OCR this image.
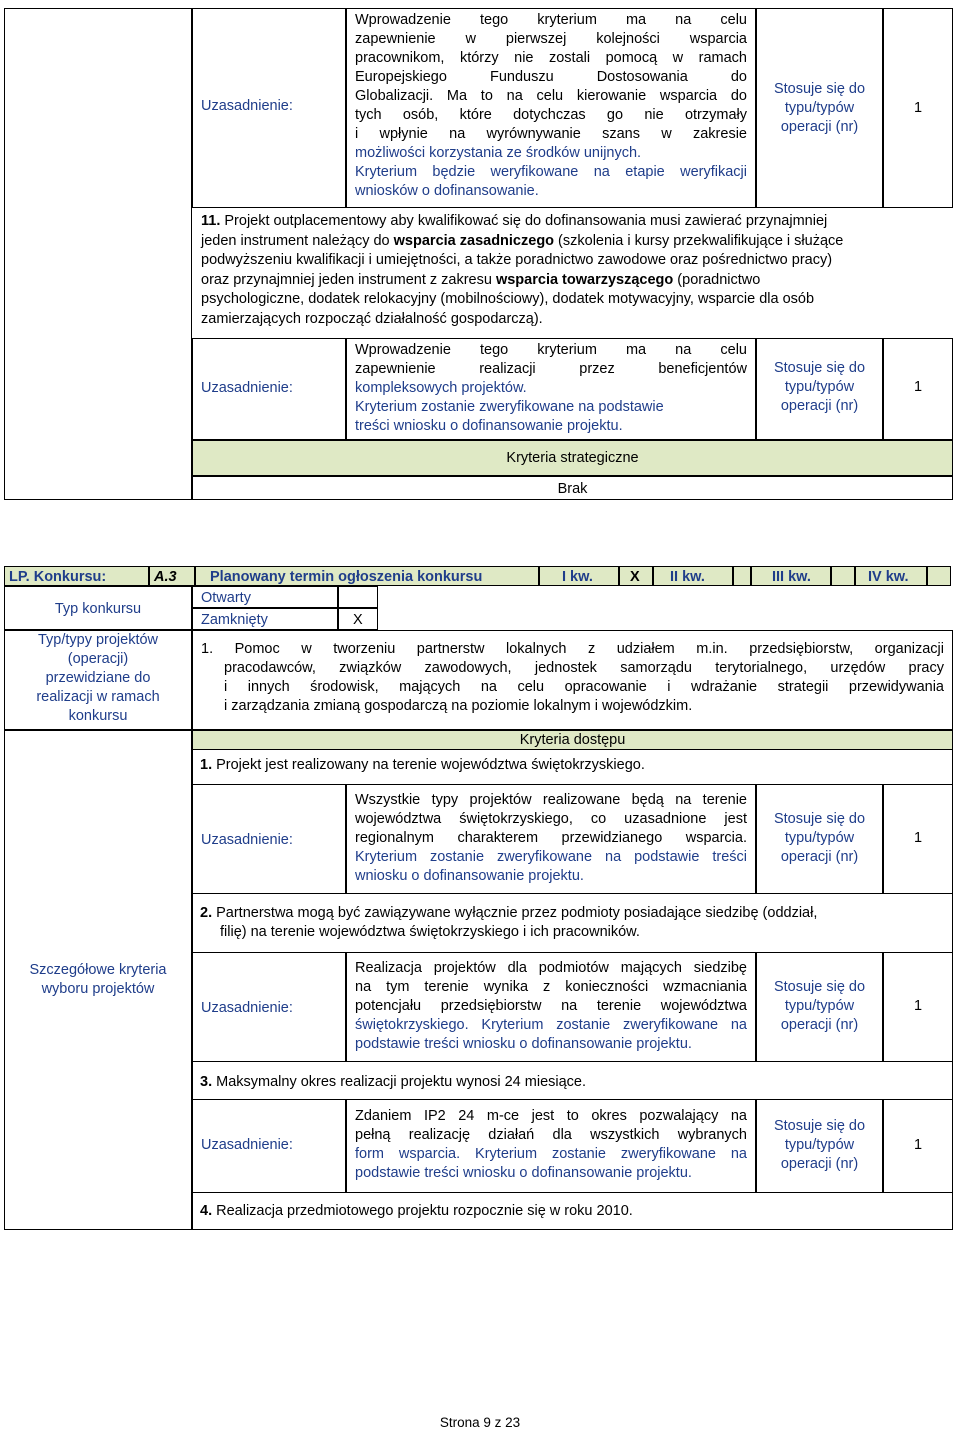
Uzasadnienie:
Wprowadzenie tego kryterium ma na celu
zapewnienie w pierwszej kolejności wsparcia
pracownikom, którzy nie zostali pomocą w ramach
Europejskiego Funduszu Dostosowania do
Globalizacji. Ma to na celu kierowanie wsparcia do
tych osób, które dotychczas go nie otrzymały
i wpłynie na wyrównywanie szans w zakresie
możliwości korzystania ze środków unijnych.
Kryterium będzie weryfikowane na etapie weryfikacji
wniosków o dofinansowanie.
Stosuje się do
typu/typów
operacji (nr)
1
11. Projekt outplacementowy aby kwalifikować się do dofinansowania musi zawierać przynajmniej
jeden instrument należący do wsparcia zasadniczego (szkolenia i kursy przekwalifikujące i służące
podwyższeniu kwalifikacji i umiejętności, a także poradnictwo zawodowe oraz pośrednictwo pracy)
oraz przynajmniej jeden instrument z zakresu wsparcia towarzyszącego (poradnictwo
psychologiczne, dodatek relokacyjny (mobilnościowy), dodatek motywacyjny, wsparcie dla osób
zamierzających rozpocząć działalność gospodarczą).
Uzasadnienie:
Wprowadzenie tego kryterium ma na celu
zapewnienie realizacji przez beneficjentów
kompleksowych projektów.
Kryterium zostanie zweryfikowane na podstawie
treści wniosku o dofinansowanie projektu.
Stosuje się do
typu/typów
operacji (nr)
1
Kryteria strategiczne
Brak
LP. Konkursu:	A.3	Planowany termin ogłoszenia konkursu	I kw.	X	II kw.	III kw.	IV kw.
Typ konkursu
Otwarty
Zamknięty	X
Typ/typy projektów
(operacji)
przewidziane do
realizacji w ramach
konkursu
1. Pomoc w tworzeniu partnerstw lokalnych z udziałem m.in. przedsiębiorstw, organizacji
pracodawców, związków zawodowych, jednostek samorządu terytorialnego, urzędów pracy
i innych środowisk, mających na celu opracowanie i wdrażanie strategii przewidywania
i zarządzania zmianą gospodarczą na poziomie lokalnym i wojewódzkim.
Szczegółowe kryteria
wyboru projektów
Kryteria dostępu
1. Projekt jest realizowany na terenie województwa świętokrzyskiego.
Uzasadnienie:
Wszystkie typy projektów realizowane będą na terenie
województwa świętokrzyskiego, co uzasadnione jest
regionalnym charakterem przewidzianego wsparcia.
Kryterium zostanie zweryfikowane na podstawie treści
wniosku o dofinansowanie projektu.
Stosuje się do
typu/typów
operacji (nr)
1
2. Partnerstwa mogą być zawiązywane wyłącznie przez podmioty posiadające siedzibę (oddział,
filię) na terenie województwa świętokrzyskiego i ich pracowników.
Uzasadnienie:
Realizacja projektów dla podmiotów mających siedzibę
na tym terenie wynika z konieczności wzmacniania
potencjału przedsiębiorstw na terenie województwa
świętokrzyskiego. Kryterium zostanie zweryfikowane na
podstawie treści wniosku o dofinansowanie projektu.
Stosuje się do
typu/typów
operacji (nr)
1
3. Maksymalny okres realizacji projektu wynosi 24 miesiące.
Uzasadnienie:
Zdaniem IP2 24 m-ce jest to okres pozwalający na
pełną realizację działań dla wszystkich wybranych
form wsparcia. Kryterium zostanie zweryfikowane na
podstawie treści wniosku o dofinansowanie projektu.
Stosuje się do
typu/typów
operacji (nr)
1
4. Realizacja przedmiotowego projektu rozpocznie się w roku 2010.
Strona 9 z 23
